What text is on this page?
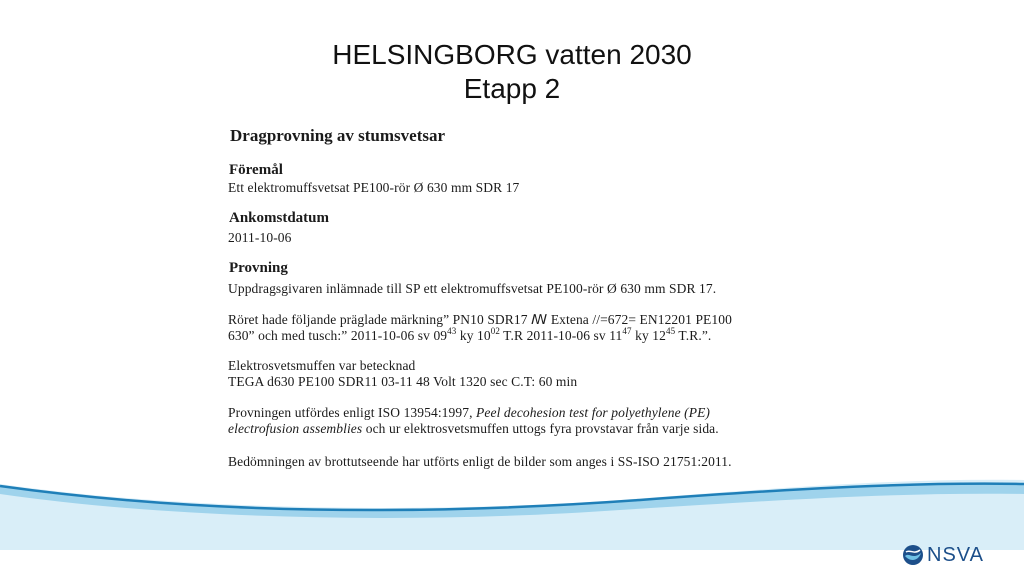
HELSINGBORG vatten 2030
Etapp 2
Dragprovning av stumsvetsar
Föremål
Ett elektromuffsvetsat PE100-rör Ø 630 mm SDR 17
Ankomstdatum
2011-10-06
Provning
Uppdragsgivaren inlämnade till SP ett elektromuffsvetsat PE100-rör Ø 630 mm SDR 17.
Röret hade följande präglade märkning” PN10 SDR17 ꟿ Extena //=672= EN12201 PE100
630” och med tusch:” 2011-10-06 sv $09^{43}$ ky $10^{02}$ T.R 2011-10-06 sv $11^{47}$ ky $12^{45}$ T.R.”.
Elektrosvetsmuffen var betecknad
TEGA d630 PE100 SDR11 03-11 48 Volt 1320 sec C.T: 60 min
Provningen utfördes enligt ISO 13954:1997, Peel decohesion test for polyethylene (PE)
electrofusion assemblies och ur elektrosvetsmuffen uttogs fyra provstavar från varje sida.
Bedömningen av brottutseende har utförts enligt de bilder som anges i SS-ISO 21751:2011.
NSVA
